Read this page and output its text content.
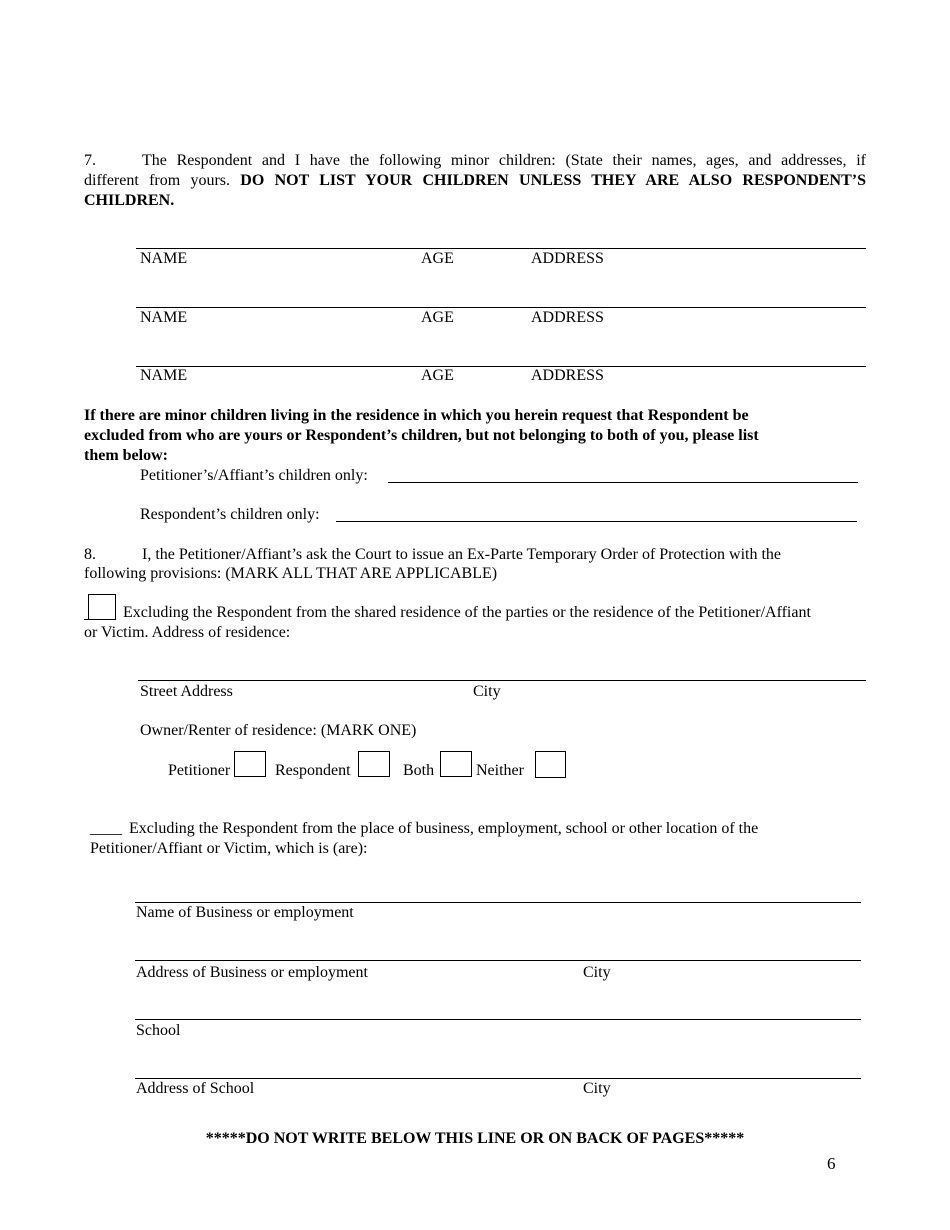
7.	The Respondent and I have the following minor children: (State their names, ages, and addresses, if
different from yours. DO NOT LIST YOUR CHILDREN UNLESS THEY ARE ALSO RESPONDENT’S
CHILDREN.
NAME	AGE	ADDRESS
NAME	AGE	ADDRESS
NAME	AGE	ADDRESS
If there are minor children living in the residence in which you herein request that Respondent be
excluded from who are yours or Respondent’s children, but not belonging to both of you, please list
them below:
Petitioner’s/Affiant’s children only:
Respondent’s children only:
8.	I, the Petitioner/Affiant’s ask the Court to issue an Ex-Parte Temporary Order of Protection with the
following provisions: (MARK ALL THAT ARE APPLICABLE)
Excluding the Respondent from the shared residence of the parties or the residence of the Petitioner/Affiant
or Victim. Address of residence:
Street Address	City
Owner/Renter of residence: (MARK ONE)
Petitioner	Respondent	Both	Neither
____ Excluding the Respondent from the place of business, employment, school or other location of the
Petitioner/Affiant or Victim, which is (are):
Name of Business or employment
Address of Business or employment	City
School
Address of School	City
*****DO NOT WRITE BELOW THIS LINE OR ON BACK OF PAGES*****
6
